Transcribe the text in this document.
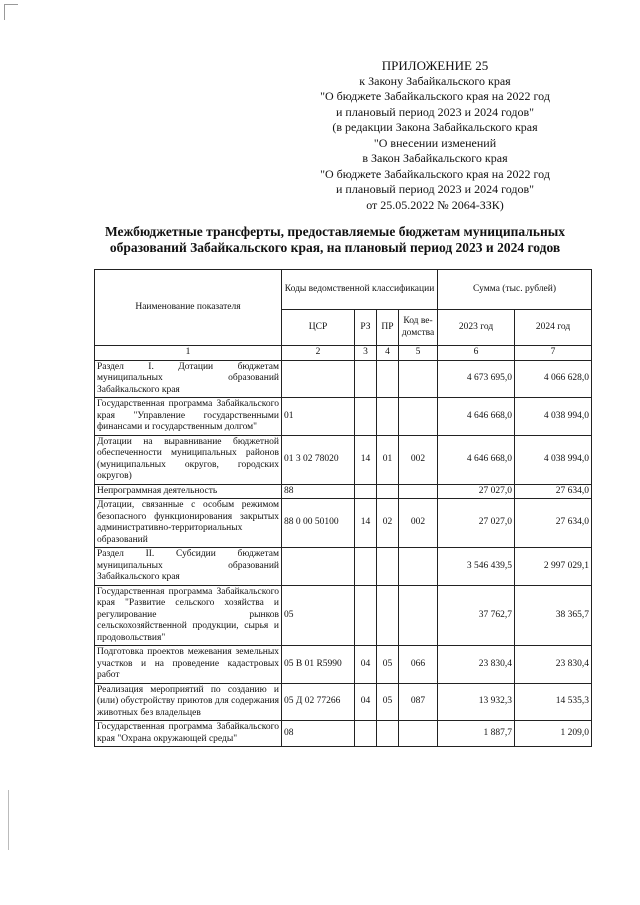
ПРИЛОЖЕНИЕ 25
к Закону Забайкальского края
"О бюджете Забайкальского края на 2022 год
и плановый период 2023 и 2024 годов"
(в редакции Закона Забайкальского края
"О внесении изменений
в Закон Забайкальского края
"О бюджете Забайкальского края на 2022 год
и плановый период 2023 и 2024 годов"
от 25.05.2022 № 2064-ЗЗК)
Межбюджетные трансферты, предоставляемые бюджетам муниципальных
образований Забайкальского края, на плановый период 2023 и 2024 годов
Наименование показателя	Коды ведомственной классификации				Сумма (тыс. рублей)	
	ЦСР	РЗ	ПР	Код ве-домства	2023 год	2024 год
1	2	3	4	5	6	7
Раздел I. Дотации бюджетам муниципальных образований Забайкальского края					4 673 695,0	4 066 628,0
Государственная программа Забайкальского края "Управление государственными финансами и государственным долгом"	01				4 646 668,0	4 038 994,0
Дотации на выравнивание бюджетной обеспеченности муниципальных районов (муниципальных округов, городских округов)	01 3 02 78020	14	01	002	4 646 668,0	4 038 994,0
Непрограммная деятельность	88				27 027,0	27 634,0
Дотации, связанные с особым режимом безопасного функционирования закрытых административно-территориальных образований	88 0 00 50100	14	02	002	27 027,0	27 634,0
Раздел II. Субсидии бюджетам муниципальных образований Забайкальского края					3 546 439,5	2 997 029,1
Государственная программа Забайкальского края "Развитие сельского хозяйства и регулирование рынков сельскохозяйственной продукции, сырья и продовольствия"	05				37 762,7	38 365,7
Подготовка проектов межевания земельных участков и на проведение кадастровых работ	05 В 01 R5990	04	05	066	23 830,4	23 830,4
Реализация мероприятий по созданию и (или) обустройству приютов для содержания животных без владельцев	05 Д 02 77266	04	05	087	13 932,3	14 535,3
Государственная программа Забайкальского края "Охрана окружающей среды"	08				1 887,7	1 209,0
